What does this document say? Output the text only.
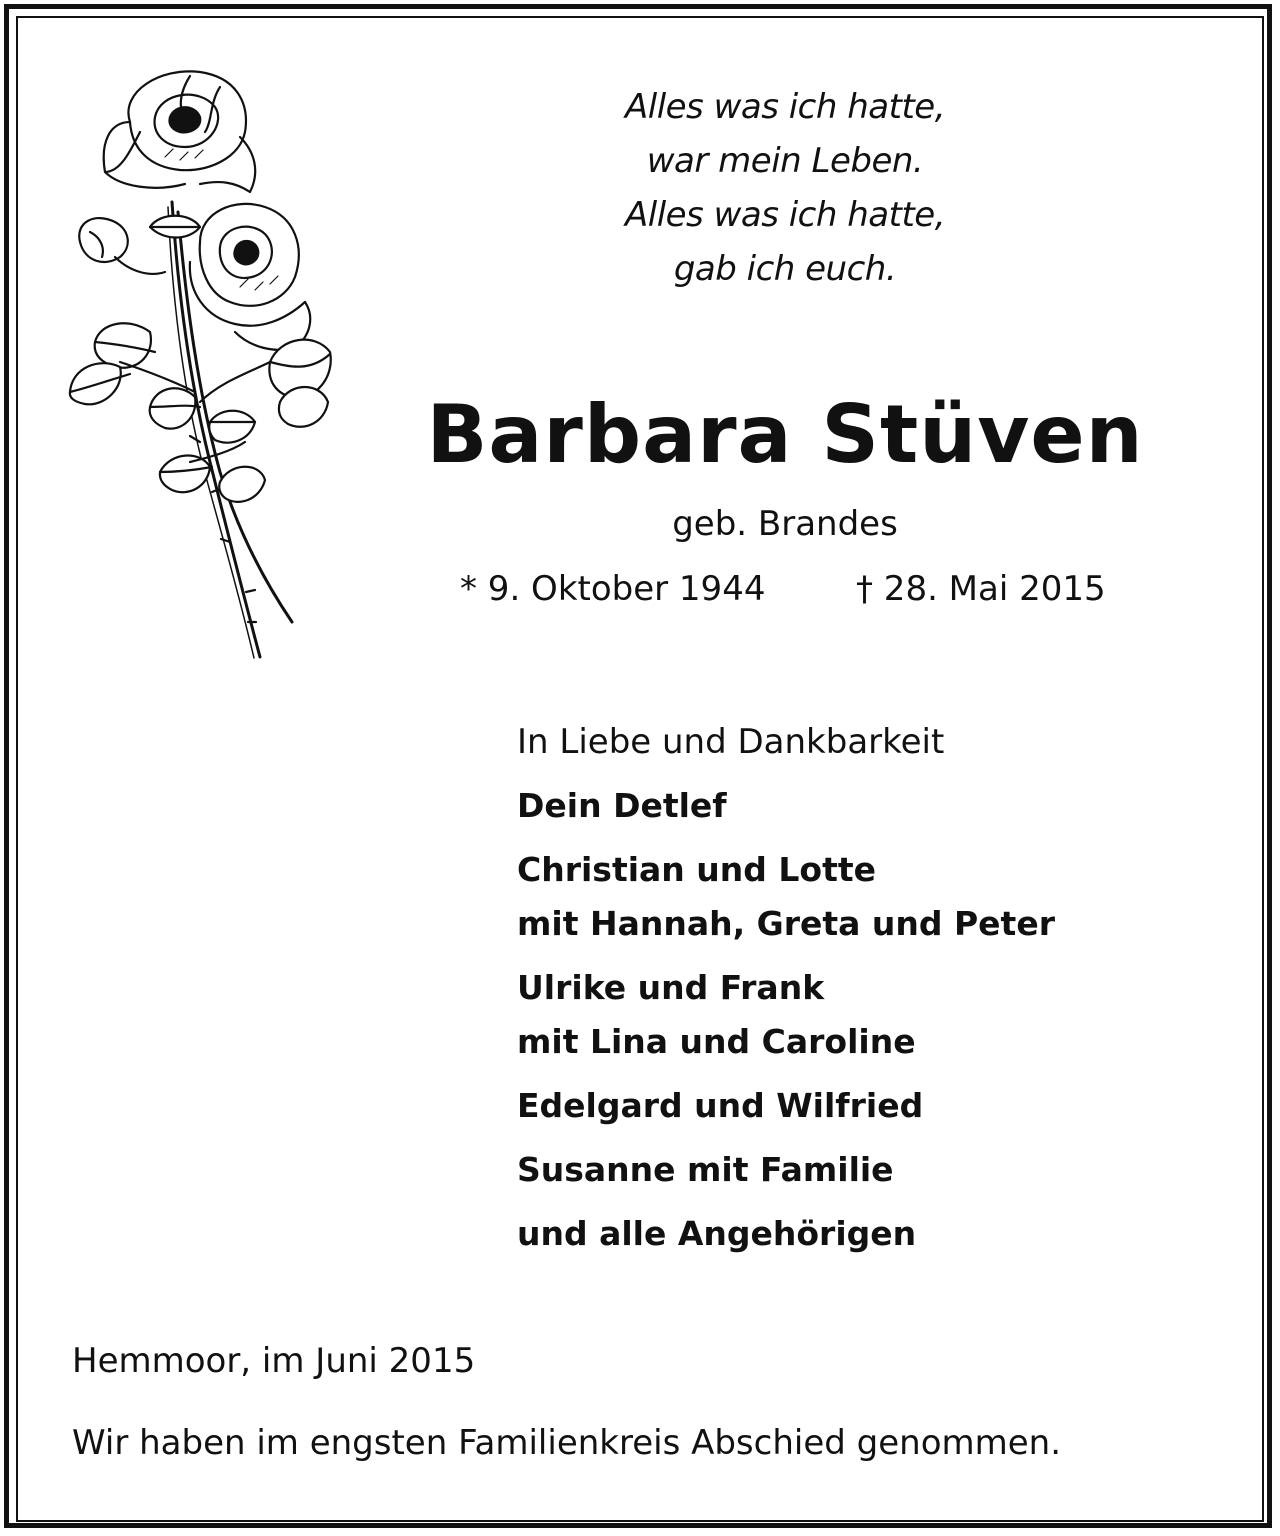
Alles was ich hatte,
war mein Leben.
Alles was ich hatte,
gab ich euch.
Barbara Stüven
geb. Brandes
* 9. Oktober 1944	† 28. Mai 2015
In Liebe und Dankbarkeit
Dein Detlef
Christian und Lotte
mit Hannah, Greta und Peter
Ulrike und Frank
mit Lina und Caroline
Edelgard und Wilfried
Susanne mit Familie
und alle Angehörigen
Hemmoor, im Juni 2015
Wir haben im engsten Familienkreis Abschied genommen.
